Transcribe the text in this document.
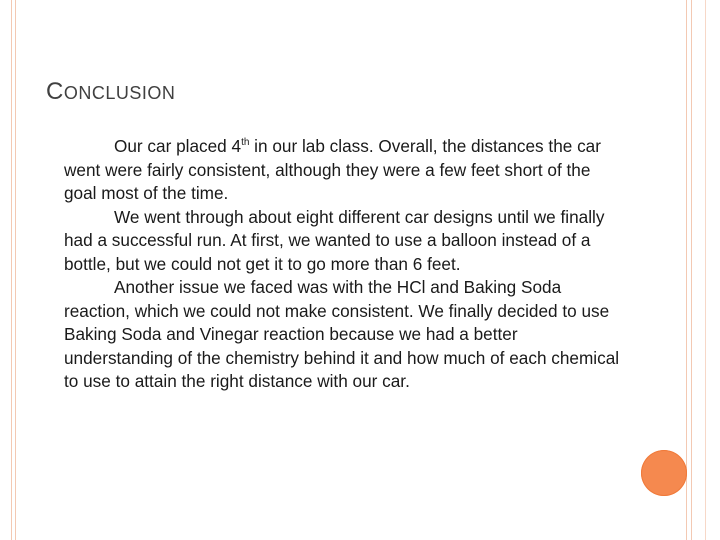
CONCLUSION

Our car placed 4th in our lab class. Overall, the distances the car went were fairly consistent, although they were a few feet short of the goal most of the time.

We went through about eight different car designs until we finally had a successful run. At first, we wanted to use a balloon instead of a bottle, but we could not get it to go more than 6 feet.

Another issue we faced was with the HCl and Baking Soda reaction, which we could not make consistent. We finally decided to use Baking Soda and Vinegar reaction because we had a better understanding of the chemistry behind it and how much of each chemical to use to attain the right distance with our car.
